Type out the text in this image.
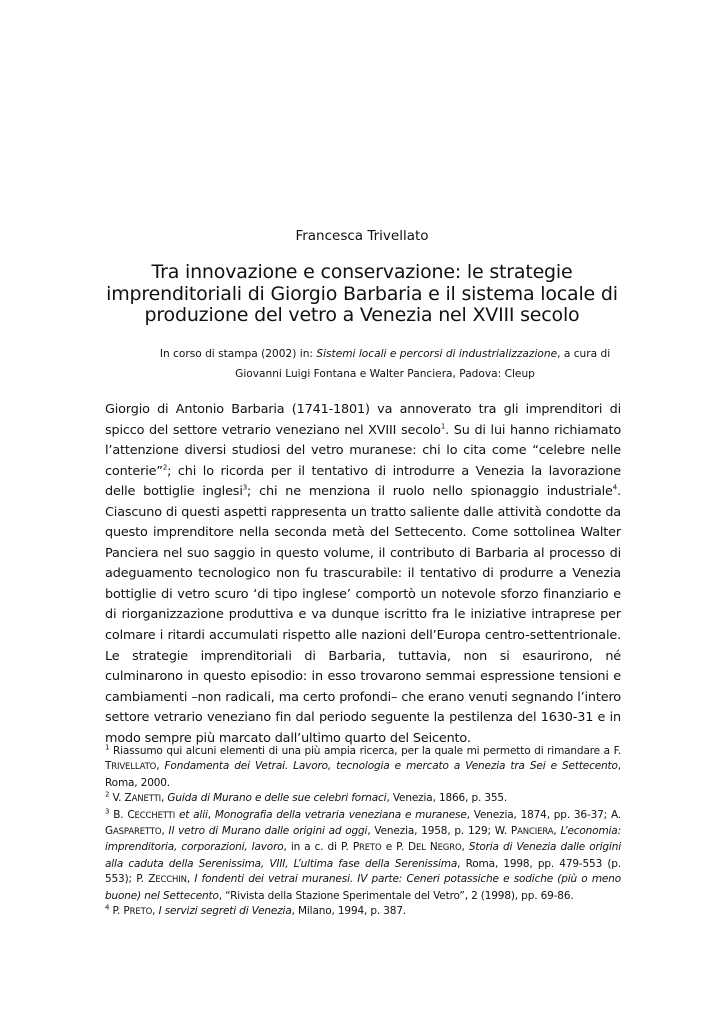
Francesca Trivellato
Tra innovazione e conservazione: le strategie imprenditoriali di Giorgio Barbaria e il sistema locale di produzione del vetro a Venezia nel XVIII secolo
In corso di stampa (2002) in: Sistemi locali e percorsi di industrializzazione, a cura di Giovanni Luigi Fontana e Walter Panciera, Padova: Cleup
Giorgio di Antonio Barbaria (1741-1801) va annoverato tra gli imprenditori di spicco del settore vetrario veneziano nel XVIII secolo$^1$. Su di lui hanno richiamato l’attenzione diversi studiosi del vetro muranese: chi lo cita come “celebre nelle conterie”$^2$; chi lo ricorda per il tentativo di introdurre a Venezia la lavorazione delle bottiglie inglesi$^3$; chi ne menziona il ruolo nello spionaggio industriale$^4$. Ciascuno di questi aspetti rappresenta un tratto saliente dalle attività condotte da questo imprenditore nella seconda metà del Settecento. Come sottolinea Walter Panciera nel suo saggio in questo volume, il contributo di Barbaria al processo di adeguamento tecnologico non fu trascurabile: il tentativo di produrre a Venezia bottiglie di vetro scuro ‘di tipo inglese’ comportò un notevole sforzo finanziario e di riorganizzazione produttiva e va dunque iscritto fra le iniziative intraprese per colmare i ritardi accumulati rispetto alle nazioni dell’Europa centro-settentrionale. Le strategie imprenditoriali di Barbaria, tuttavia, non si esaurirono, né culminarono in questo episodio: in esso trovarono semmai espressione tensioni e cambiamenti –non radicali, ma certo profondi– che erano venuti segnando l’intero settore vetrario veneziano fin dal periodo seguente la pestilenza del 1630-31 e in modo sempre più marcato dall’ultimo quarto del Seicento.

$^1$ Riassumo qui alcuni elementi di una più ampia ricerca, per la quale mi permetto di rimandare a F. TRIVELLATO, Fondamenta dei Vetrai. Lavoro, tecnologia e mercato a Venezia tra Sei e Settecento, Roma, 2000.

$^2$ V. ZANETTI, Guida di Murano e delle sue celebri fornaci, Venezia, 1866, p. 355.

$^3$ B. CECCHETTI et alii, Monografia della vetraria veneziana e muranese, Venezia, 1874, pp. 36-37; A. GASPARETTO, Il vetro di Murano dalle origini ad oggi, Venezia, 1958, p. 129; W. PANCIERA, L’economia: imprenditoria, corporazioni, lavoro, in a c. di P. PRETO e P. DEL NEGRO, Storia di Venezia dalle origini alla caduta della Serenissima, VIII, L’ultima fase della Serenissima, Roma, 1998, pp. 479-553 (p. 553); P. ZECCHIN, I fondenti dei vetrai muranesi. IV parte: Ceneri potassiche e sodiche (più o meno buone) nel Settecento, “Rivista della Stazione Sperimentale del Vetro”, 2 (1998), pp. 69-86.

$^4$ P. PRETO, I servizi segreti di Venezia, Milano, 1994, p. 387.
